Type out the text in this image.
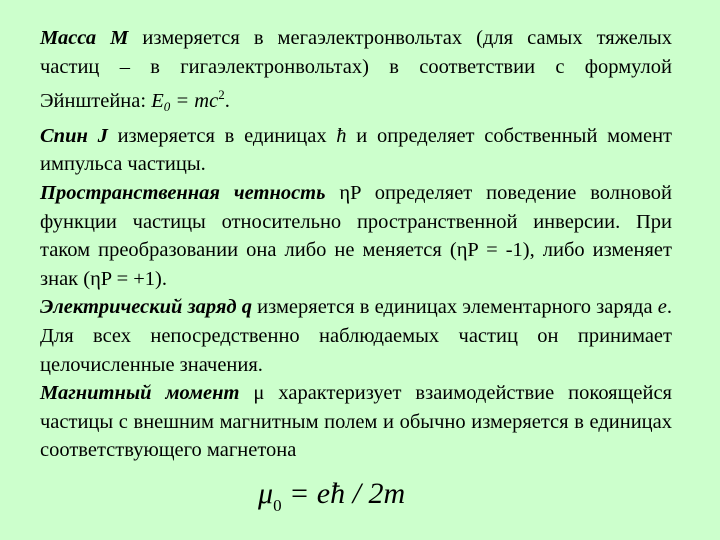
Масса M измеряется в мегаэлектронвольтах (для самых тяжелых частиц – в гигаэлектронвольтах) в соответствии с формулой Эйнштейна: $E_0 = mc^2$.
Спин J измеряется в единицах ħ и определяет собственный момент импульса частицы.
Пространственная четность ηP определяет поведение волновой функции частицы относительно пространственной инверсии. При таком преобразовании она либо не меняется (ηP = -1), либо изменяет знак (ηP = +1).
Электрический заряд q измеряется в единицах элементарного заряда e. Для всех непосредственно наблюдаемых частиц он принимает целочисленные значения.
Магнитный момент μ характеризует взаимодействие покоящейся частицы с внешним магнитным полем и обычно измеряется в единицах соответствующего магнетона
$\mu_0$ = eħ / 2m
